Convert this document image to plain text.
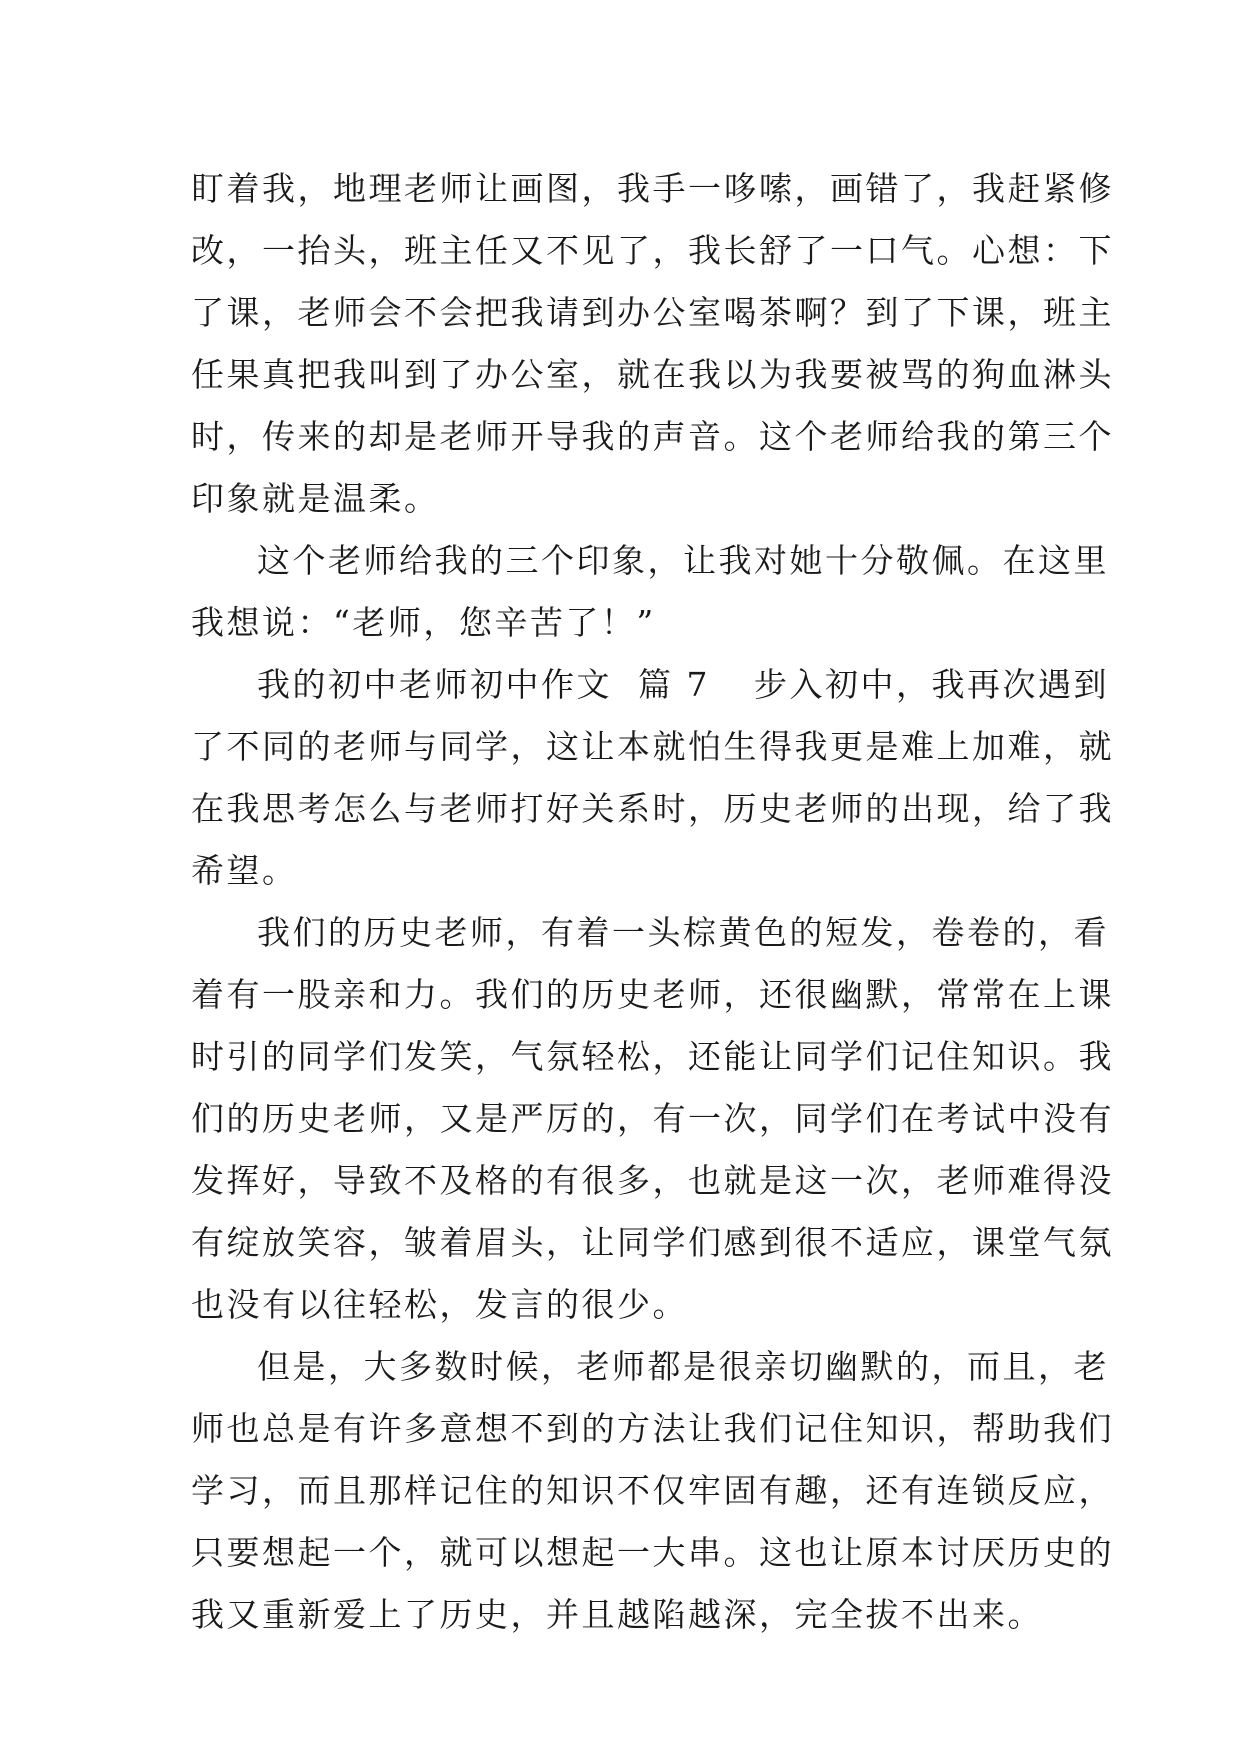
盯着我，地理老师让画图，我手一哆嗦，画错了，我赶紧修
改，一抬头，班主任又不见了，我长舒了一口气。心想：下
了课，老师会不会把我请到办公室喝茶啊？到了下课，班主
任果真把我叫到了办公室，就在我以为我要被骂的狗血淋头
时，传来的却是老师开导我的声音。这个老师给我的第三个
印象就是温柔。
这个老师给我的三个印象，让我对她十分敬佩。在这里
我想说：“老师，您辛苦了！”
我的初中老师初中作文  篇 7 步入初中，我再次遇到
了不同的老师与同学，这让本就怕生得我更是难上加难，就
在我思考怎么与老师打好关系时，历史老师的出现，给了我
希望。
我们的历史老师，有着一头棕黄色的短发，卷卷的，看
着有一股亲和力。我们的历史老师，还很幽默，常常在上课
时引的同学们发笑，气氛轻松，还能让同学们记住知识。我
们的历史老师，又是严厉的，有一次，同学们在考试中没有
发挥好，导致不及格的有很多，也就是这一次，老师难得没
有绽放笑容，皱着眉头，让同学们感到很不适应，课堂气氛
也没有以往轻松，发言的很少。
但是，大多数时候，老师都是很亲切幽默的，而且，老
师也总是有许多意想不到的方法让我们记住知识，帮助我们
学习，而且那样记住的知识不仅牢固有趣，还有连锁反应，
只要想起一个，就可以想起一大串。这也让原本讨厌历史的
我又重新爱上了历史，并且越陷越深，完全拔不出来。
